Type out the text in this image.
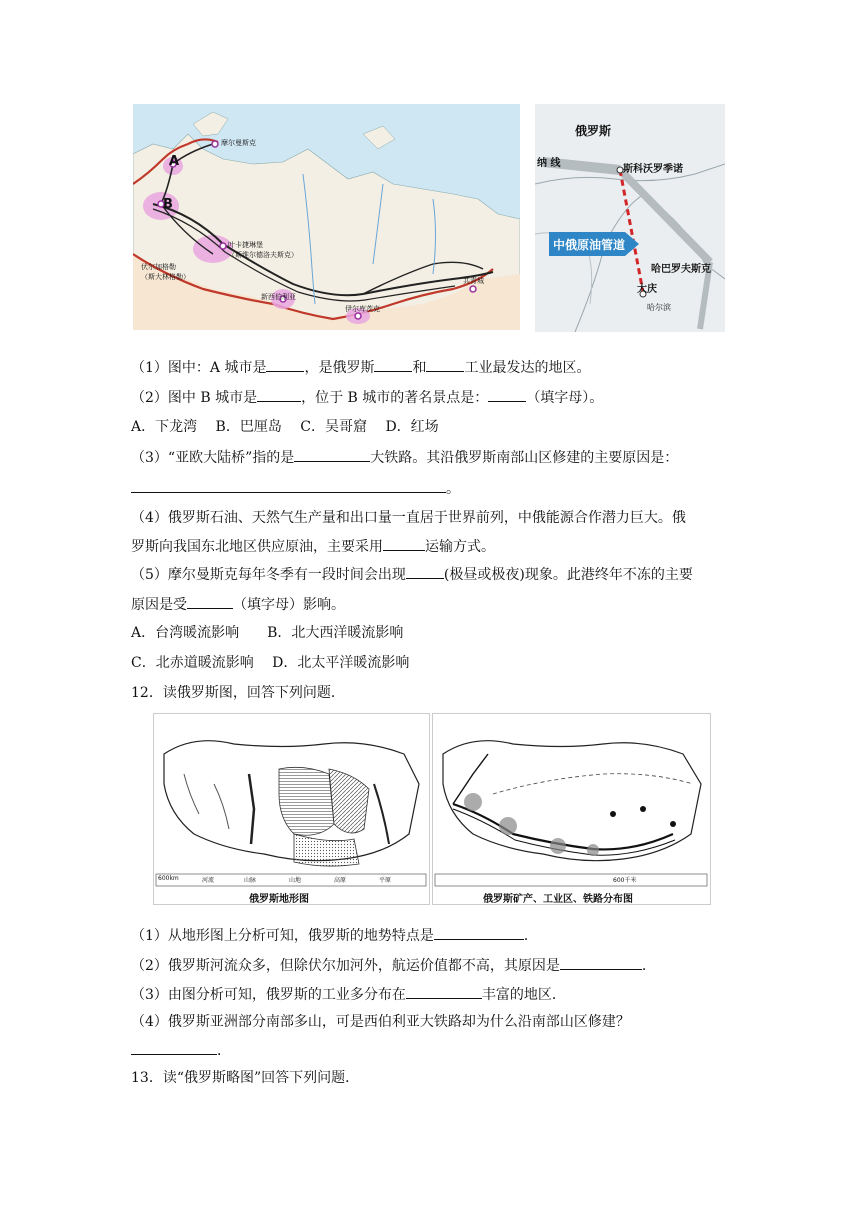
A
B
叶卡捷琳堡
（斯维尔德洛夫斯克）
新西伯利亚
伊尔库茨克
共青城
摩尔曼斯克
伏尔加格勒
（斯大林格勒）
俄罗斯
纳 线
斯科沃罗季诺
哈巴罗夫斯克
中俄原油管道
大庆
哈尔滨
（1）图中：A 城市是	，是俄罗斯	和	工业最发达的地区。
（2）图中 B 城市是	，位于 B 城市的著名景点是：	（填字母）。
A．下龙湾　 B．巴厘岛　 C．吴哥窟　 D．红场
（3）“亚欧大陆桥”指的是	大铁路。其沿俄罗斯南部山区修建的主要原因是：
。
（4）俄罗斯石油、天然气生产量和出口量一直居于世界前列，中俄能源合作潜力巨大。俄
罗斯向我国东北地区供应原油，主要采用	运输方式。
（5）摩尔曼斯克每年冬季有一段时间会出现	(极昼或极夜)现象。此港终年不冻的主要
原因是受	（填字母）影响。
A．台湾暖流影响　　B．北大西洋暖流影响
C．北赤道暖流影响　 D．北太平洋暖流影响
12．读俄罗斯图，回答下列问题．
600km	河流	山脉	山地	高原	平原
俄罗斯地形图
600千米
俄罗斯矿产、工业区、铁路分布图
（1）从地形图上分析可知，俄罗斯的地势特点是	．
（2）俄罗斯河流众多，但除伏尔加河外，航运价值都不高，其原因是	．
（3）由图分析可知，俄罗斯的工业多分布在	丰富的地区．
（4）俄罗斯亚洲部分南部多山，可是西伯利亚大铁路却为什么沿南部山区修建？
．
13．读“俄罗斯略图”回答下列问题．
